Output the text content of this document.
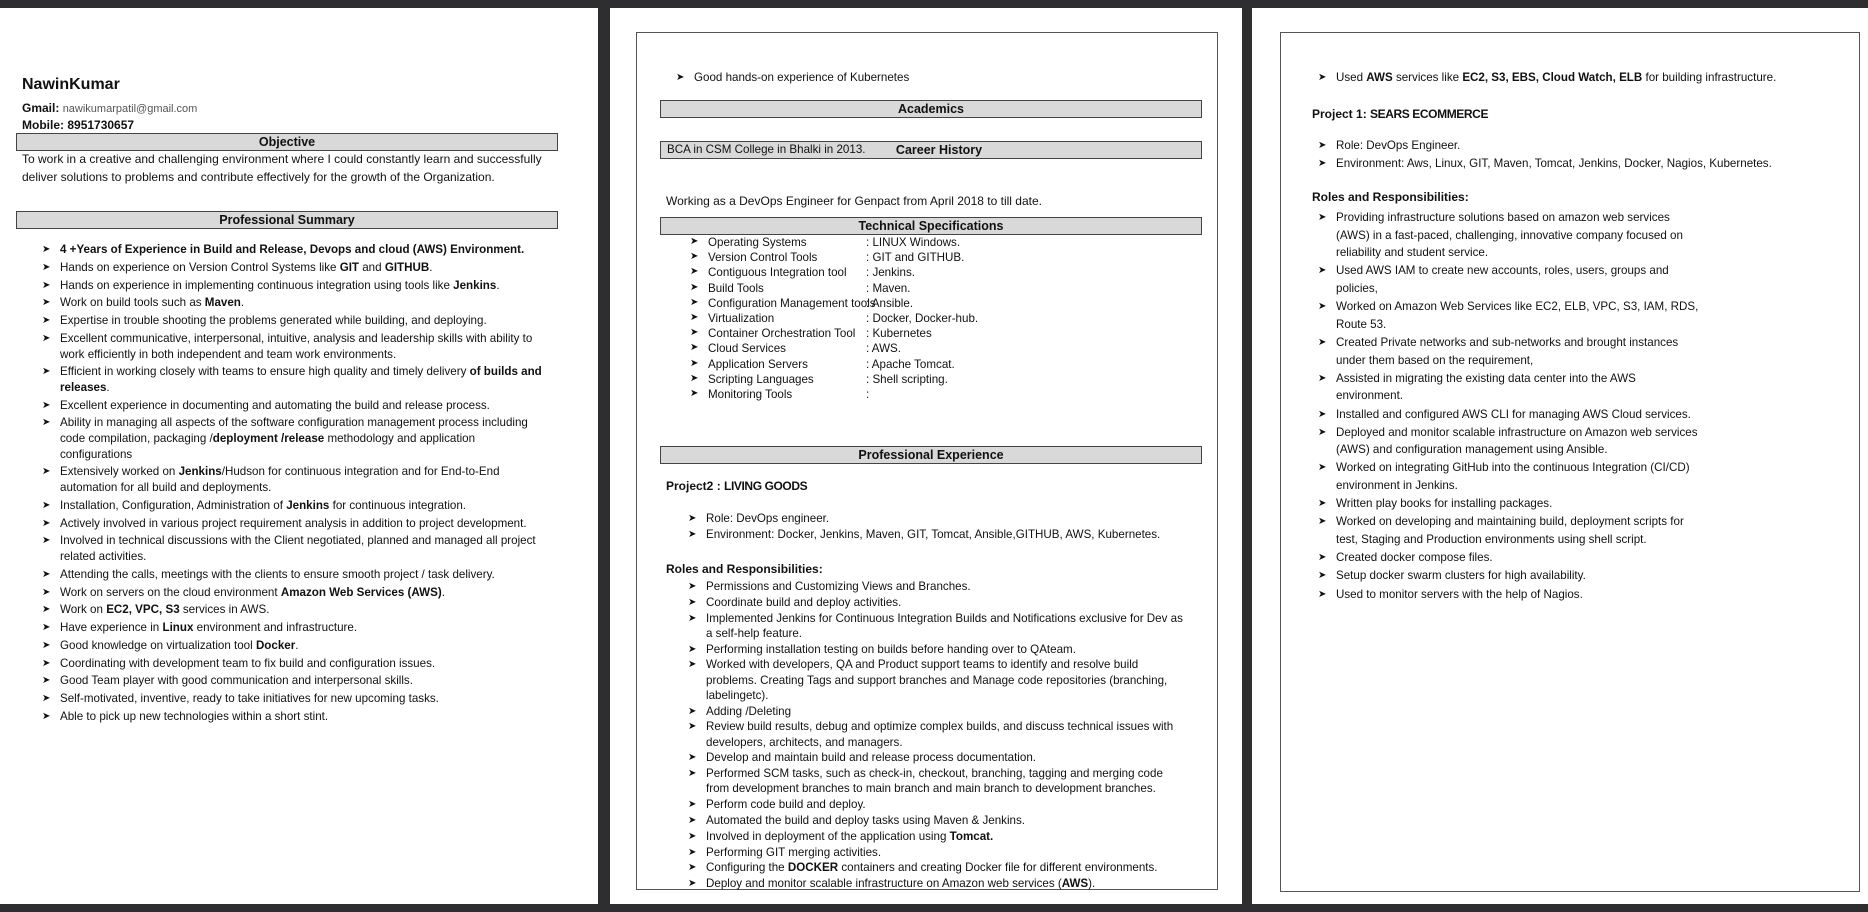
NawinKumar
Gmail: nawikumarpatil@gmail.com
Mobile: 8951730657
Objective
To work in a creative and challenging environment where I could constantly learn and successfully
deliver solutions to problems and contribute effectively for the growth of the Organization.
Professional Summary
➤ 4 +Years of Experience in Build and Release, Devops and cloud (AWS) Environment.
➤ Hands on experience on Version Control Systems like GIT and GITHUB.
➤ Hands on experience in implementing continuous integration using tools like Jenkins.
➤ Work on build tools such as Maven.
➤ Expertise in trouble shooting the problems generated while building, and deploying.
➤ Excellent communicative, interpersonal, intuitive, analysis and leadership skills with ability to work efficiently in both independent and team work environments.
➤ Efficient in working closely with teams to ensure high quality and timely delivery of builds and releases.
➤ Excellent experience in documenting and automating the build and release process.
➤ Ability in managing all aspects of the software configuration management process including code compilation, packaging /deployment /release methodology and application configurations
➤ Extensively worked on Jenkins/Hudson for continuous integration and for End-to-End automation for all build and deployments.
➤ Installation, Configuration, Administration of Jenkins for continuous integration.
➤ Actively involved in various project requirement analysis in addition to project development.
➤ Involved in technical discussions with the Client negotiated, planned and managed all project related activities.
➤ Attending the calls, meetings with the clients to ensure smooth project / task delivery.
➤ Work on servers on the cloud environment Amazon Web Services (AWS).
➤ Work on EC2, VPC, S3 services in AWS.
➤ Have experience in Linux environment and infrastructure.
➤ Good knowledge on virtualization tool Docker.
➤ Coordinating with development team to fix build and configuration issues.
➤ Good Team player with good communication and interpersonal skills.
➤ Self-motivated, inventive, ready to take initiatives for new upcoming tasks.
➤ Able to pick up new technologies within a short stint.
➤ Good hands-on experience of Kubernetes
Academics
BCA in CSM College in Bhalki in 2013. Career History
Working as a DevOps Engineer for Genpact from April 2018 to till date.
Technical Specifications
➤ Operating Systems	: LINUX Windows.
➤ Version Control Tools	: GIT and GITHUB.
➤ Contiguous Integration tool : Jenkins.
➤ Build Tools	: Maven.
➤ Configuration Management tools
: Ansible.
➤ Virtualization	: Docker, Docker-hub.
➤ Container Orchestration Tool : Kubernetes
➤ Cloud Services	: AWS.
➤ Application Servers	: Apache Tomcat.
➤ Scripting Languages	: Shell scripting.
➤ Monitoring Tools	:
Professional Experience
Project2 : LIVING GOODS
➤ Role: DevOps engineer.
➤ Environment: Docker, Jenkins, Maven, GIT, Tomcat, Ansible,GITHUB, AWS, Kubernetes.
Roles and Responsibilities:
➤ Permissions and Customizing Views and Branches.
➤ Coordinate build and deploy activities.
➤ Implemented Jenkins for Continuous Integration Builds and Notifications exclusive for Dev as a self-help feature.
➤ Performing installation testing on builds before handing over to QAteam.
➤ Worked with developers, QA and Product support teams to identify and resolve build problems. Creating Tags and support branches and Manage code repositories (branching, labelingetc).
➤ Adding /Deleting
➤ Review build results, debug and optimize complex builds, and discuss technical issues with developers, architects, and managers.
➤ Develop and maintain build and release process documentation.
➤ Performed SCM tasks, such as check-in, checkout, branching, tagging and merging code from development branches to main branch and main branch to development branches.
➤ Perform code build and deploy.
➤ Automated the build and deploy tasks using Maven & Jenkins.
➤ Involved in deployment of the application using Tomcat.
➤ Performing GIT merging activities.
➤ Configuring the DOCKER containers and creating Docker file for different environments.
➤ Deploy and monitor scalable infrastructure on Amazon web services (AWS).
➤ Used AWS services like EC2, S3, EBS, Cloud Watch, ELB for building infrastructure.
Project 1: SEARS ECOMMERCE
➤ Role: DevOps Engineer.
➤ Environment: Aws, Linux, GIT, Maven, Tomcat, Jenkins, Docker, Nagios, Kubernetes.
Roles and Responsibilities:
➤ Providing infrastructure solutions based on amazon web services (AWS) in a fast-paced, challenging, innovative company focused on reliability and student service.
➤ Used AWS IAM to create new accounts, roles, users, groups and policies,
➤ Worked on Amazon Web Services like EC2, ELB, VPC, S3, IAM, RDS, Route 53.
➤ Created Private networks and sub-networks and brought instances under them based on the requirement,
➤ Assisted in migrating the existing data center into the AWS environment.
➤ Installed and configured AWS CLI for managing AWS Cloud services.
➤ Deployed and monitor scalable infrastructure on Amazon web services (AWS) and configuration management using Ansible.
➤ Worked on integrating GitHub into the continuous Integration (CI/CD) environment in Jenkins.
➤ Written play books for installing packages.
➤ Worked on developing and maintaining build, deployment scripts for test, Staging and Production environments using shell script.
➤ Created docker compose files.
➤ Setup docker swarm clusters for high availability.
➤ Used to monitor servers with the help of Nagios.
